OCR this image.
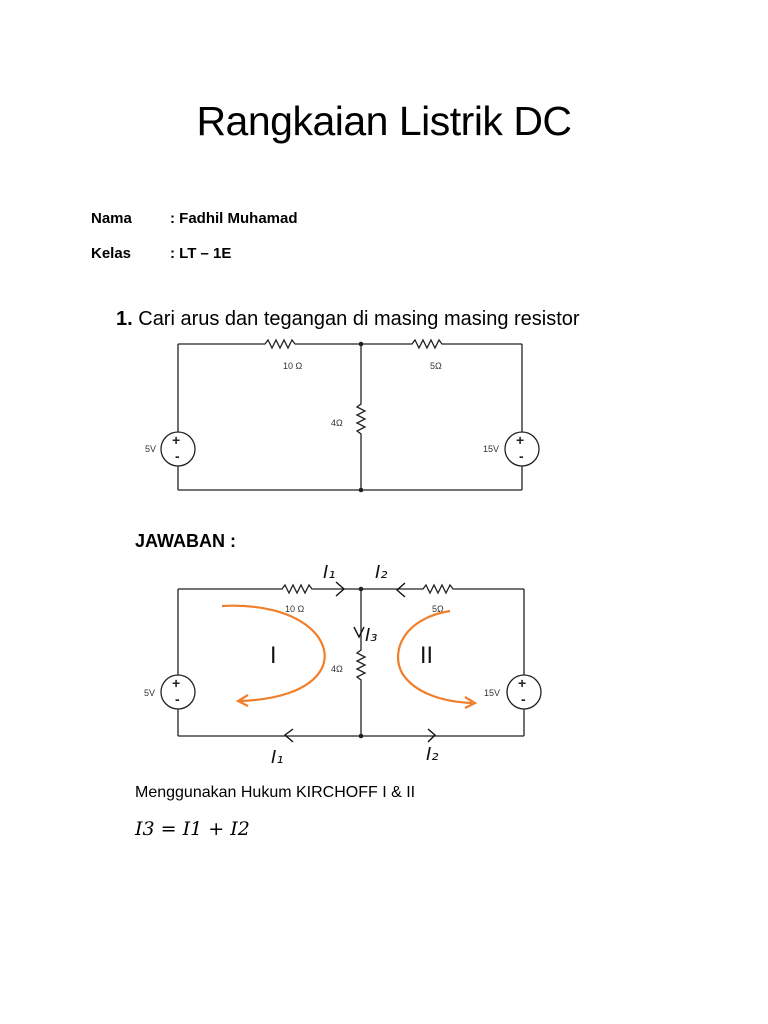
Rangkaian Listrik DC
Nama	: Fadhil Muhamad
Kelas	: LT – 1E
1. Cari arus dan tegangan di masing masing resistor
+
-
+
-
10 Ω	5Ω
4Ω
5V	15V
+
-
+
-
10 Ω	5Ω
4Ω
5V	15V
I₁ I₂
I₃
I₁	I₂
I	II
JAWABAN :
Menggunakan Hukum KIRCHOFF I & II
I3 = I1 + I2
